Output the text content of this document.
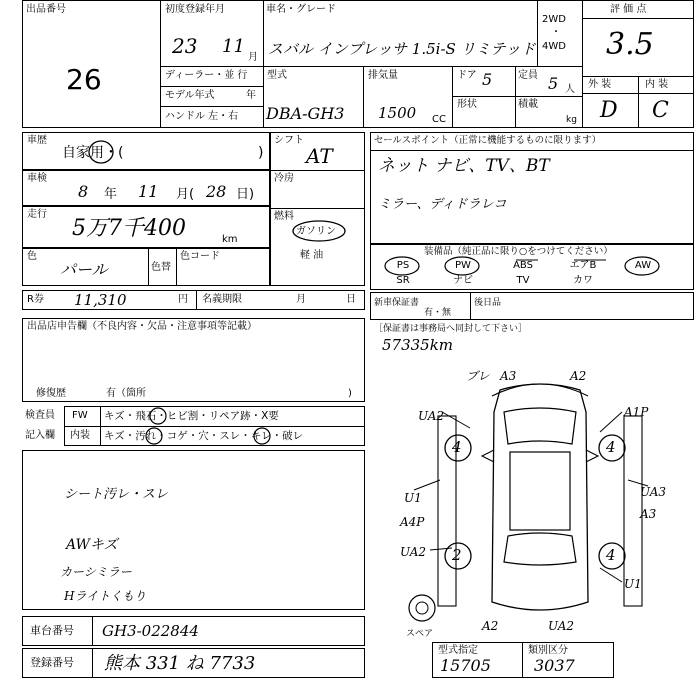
出品番号
26
初度登録年月
23 11
月
車名・グレード
スバル インプレッサ 1.5i-S リミテッド
2WD
・
4WD
評 価 点
3.5
外 装	内 装
D C
ディーラー・並 行
モデル年式	年
ハンドル 左・右
型式
DBA-GH3
排気量
1500 CC
ドア 5	定員 5 人
形状	積載
kg
車歴
自家用・(	)
車検
8 年 11 月( 28 日)
走行
5万7千400	km
色
パール	色替
色コード
シフト
AT
冷房
燃料
ガソリン
軽 油
R券 11,310	円 名義期限	月	日
セールスポイント（正常に機能するものに限ります）
ネット ナビ、TV、BT
ミラー、ディドラレコ
装備品（純正品に限り○をつけてください）
PS	PW	ABS	エアB	AW
SR	ナビ	TV	カワ
新車保証書
有・無
後日品
［保証書は事務局へ同封して下さい］
57335km
出品店申告欄（不良内容・欠品・注意事項等記載）
修復歴	有（箇所	)
検査員
記入欄
FW キズ・飛石・ヒビ割・リペア跡・X要
内装 キズ・汚れ・コゲ・穴・スレ・キレ・破レ
シート汚レ・スレ
AWキズ
カーシミラー
Hライトくもり
車台番号 GH3-022844
登録番号 熊本 331 ね 7733
型式指定
15705
類別区分
3037
4	4
2	4
スペア
ブレ A3	A2
UA2	A1P
U1
A4P
UA3
A3
UA2
U1
A2	UA2
